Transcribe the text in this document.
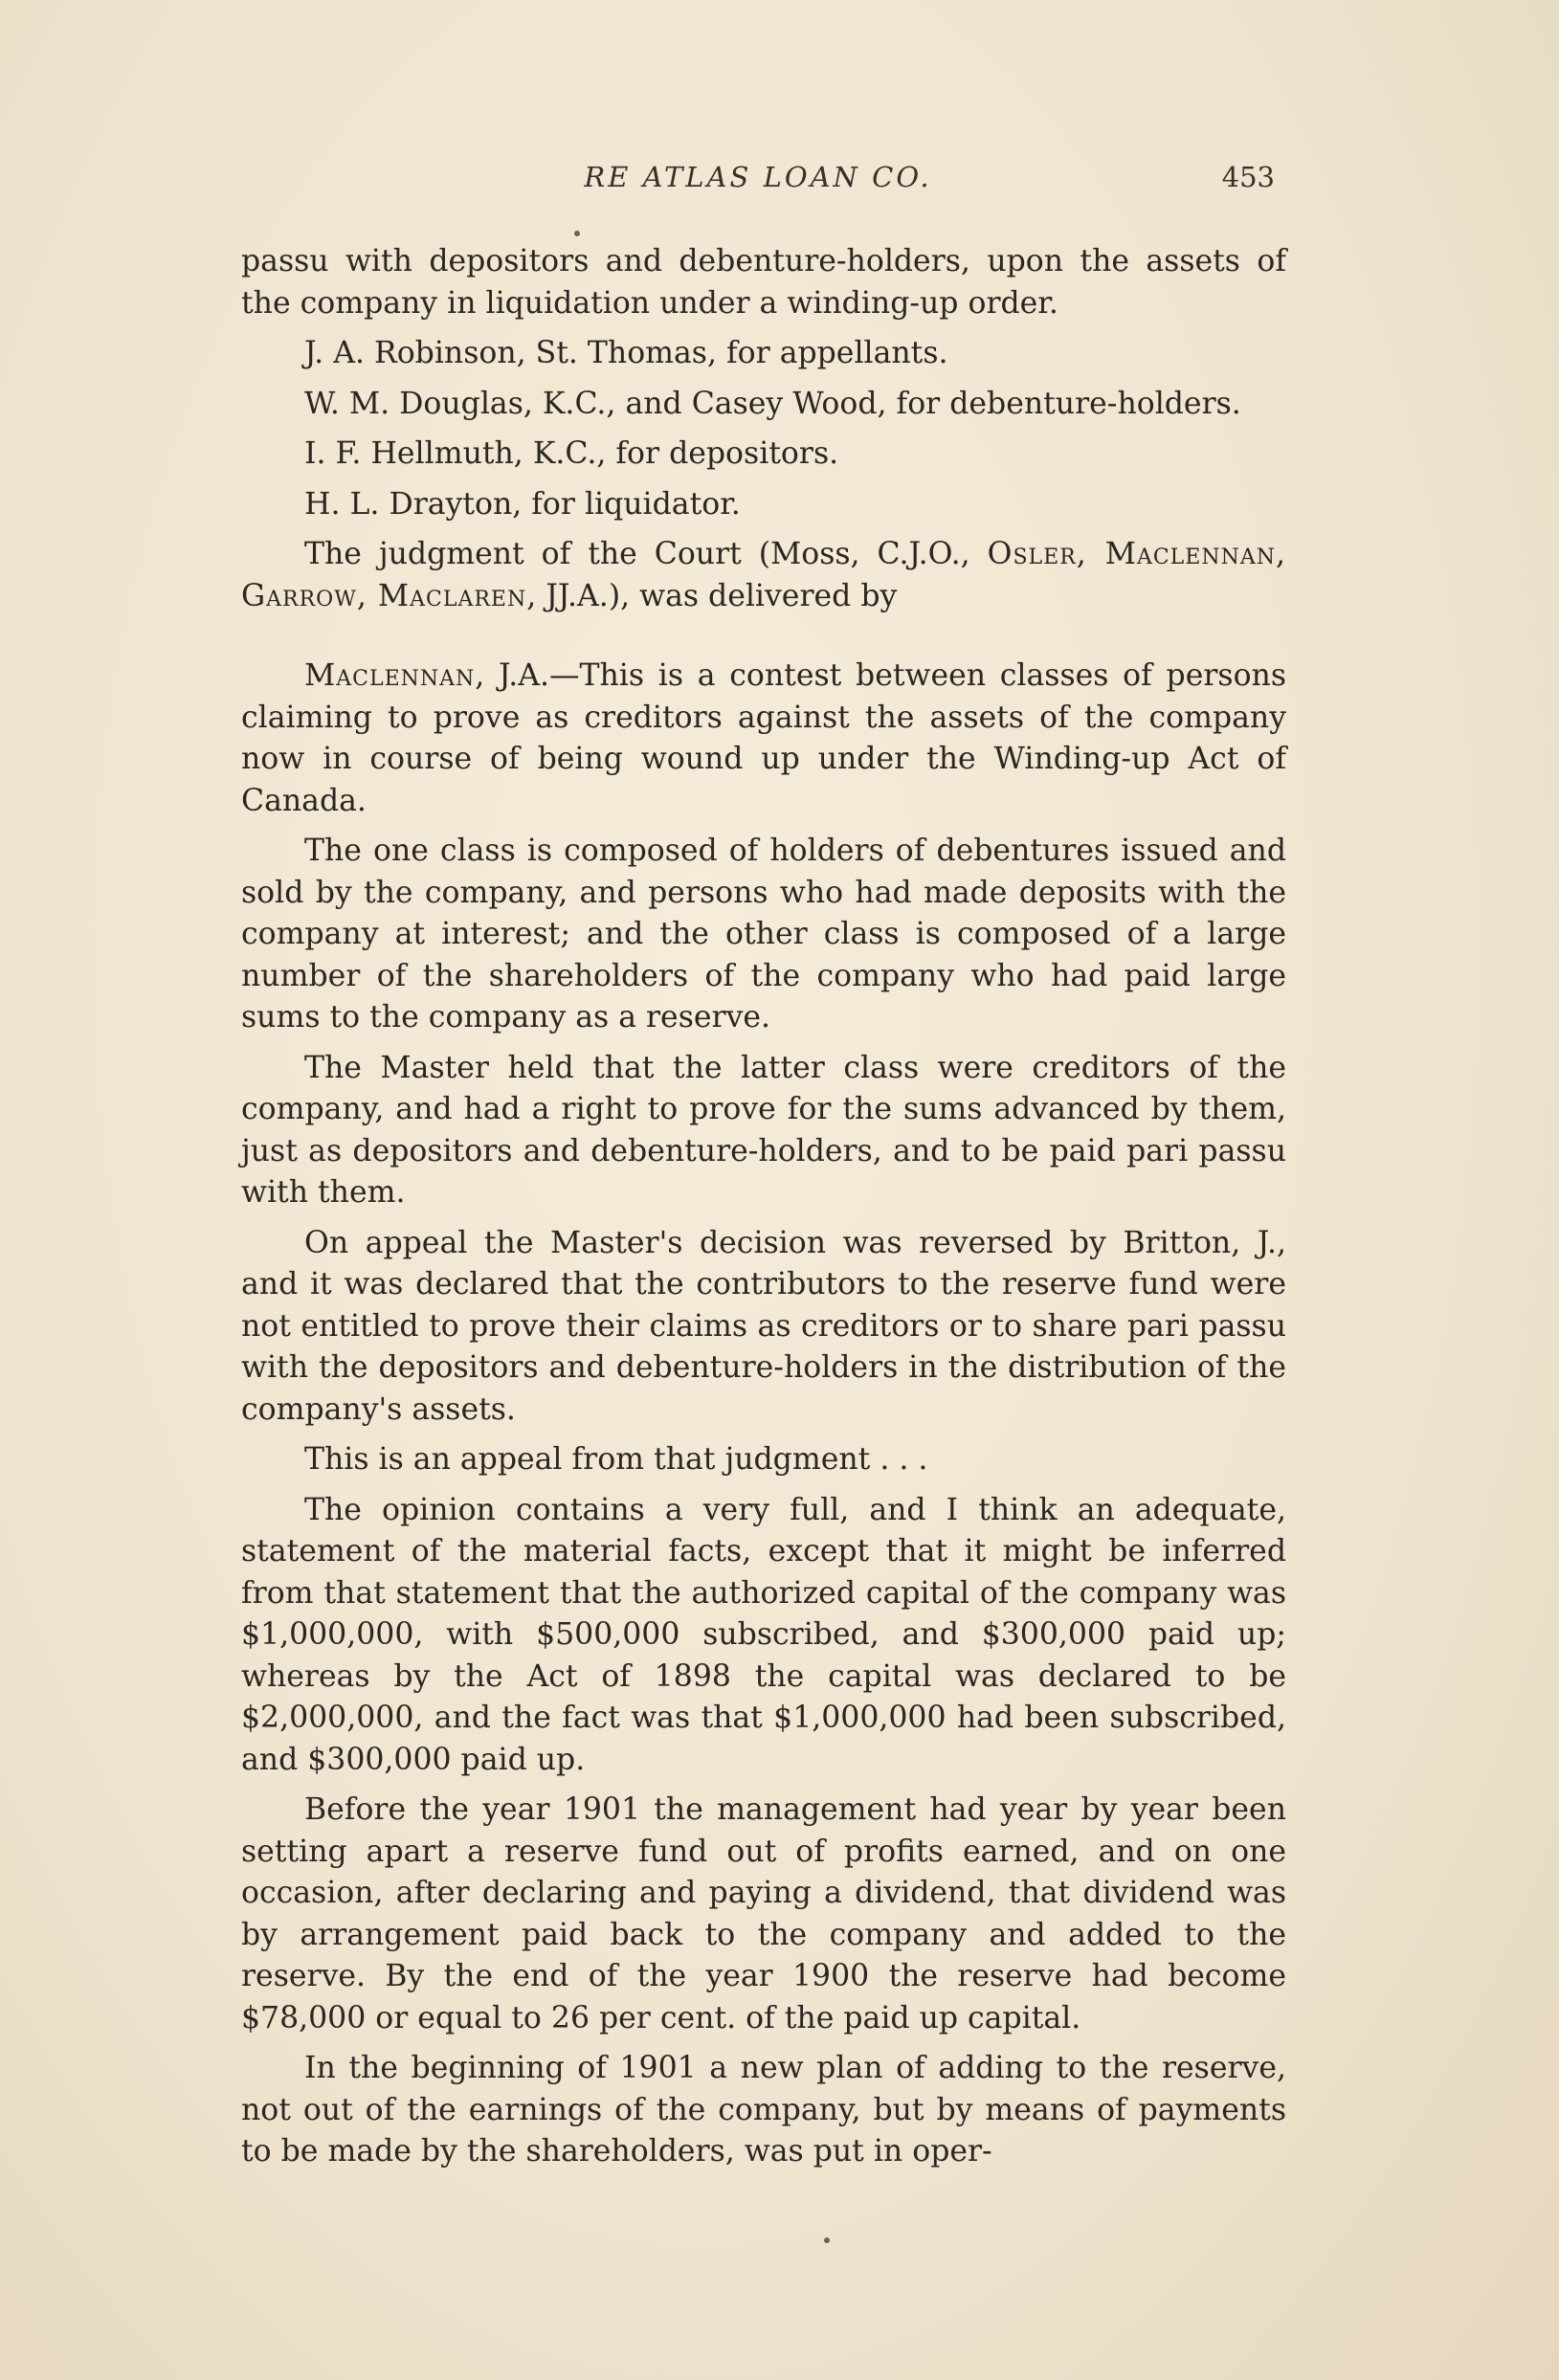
RE ATLAS LOAN CO.	453

passu with depositors and debenture-holders, upon the assets of the company in liquidation under a winding-up order.

J. A. Robinson, St. Thomas, for appellants.

W. M. Douglas, K.C., and Casey Wood, for debenture-holders.

I. F. Hellmuth, K.C., for depositors.

H. L. Drayton, for liquidator.

The judgment of the Court (Moss, C.J.O., Osler, Maclennan, Garrow, Maclaren, JJ.A.), was delivered by

Maclennan, J.A.—This is a contest between classes of persons claiming to prove as creditors against the assets of the company now in course of being wound up under the Winding-up Act of Canada.

The one class is composed of holders of debentures issued and sold by the company, and persons who had made deposits with the company at interest; and the other class is composed of a large number of the shareholders of the company who had paid large sums to the company as a reserve.

The Master held that the latter class were creditors of the company, and had a right to prove for the sums advanced by them, just as depositors and debenture-holders, and to be paid pari passu with them.

On appeal the Master's decision was reversed by Britton, J., and it was declared that the contributors to the reserve fund were not entitled to prove their claims as creditors or to share pari passu with the depositors and debenture-holders in the distribution of the company's assets.

This is an appeal from that judgment . . .

The opinion contains a very full, and I think an adequate, statement of the material facts, except that it might be inferred from that statement that the authorized capital of the company was $1,000,000, with $500,000 subscribed, and $300,000 paid up; whereas by the Act of 1898 the capital was declared to be $2,000,000, and the fact was that $1,000,000 had been subscribed, and $300,000 paid up.

Before the year 1901 the management had year by year been setting apart a reserve fund out of profits earned, and on one occasion, after declaring and paying a dividend, that dividend was by arrangement paid back to the company and added to the reserve. By the end of the year 1900 the reserve had become $78,000 or equal to 26 per cent. of the paid up capital.

In the beginning of 1901 a new plan of adding to the reserve, not out of the earnings of the company, but by means of payments to be made by the shareholders, was put in oper-
